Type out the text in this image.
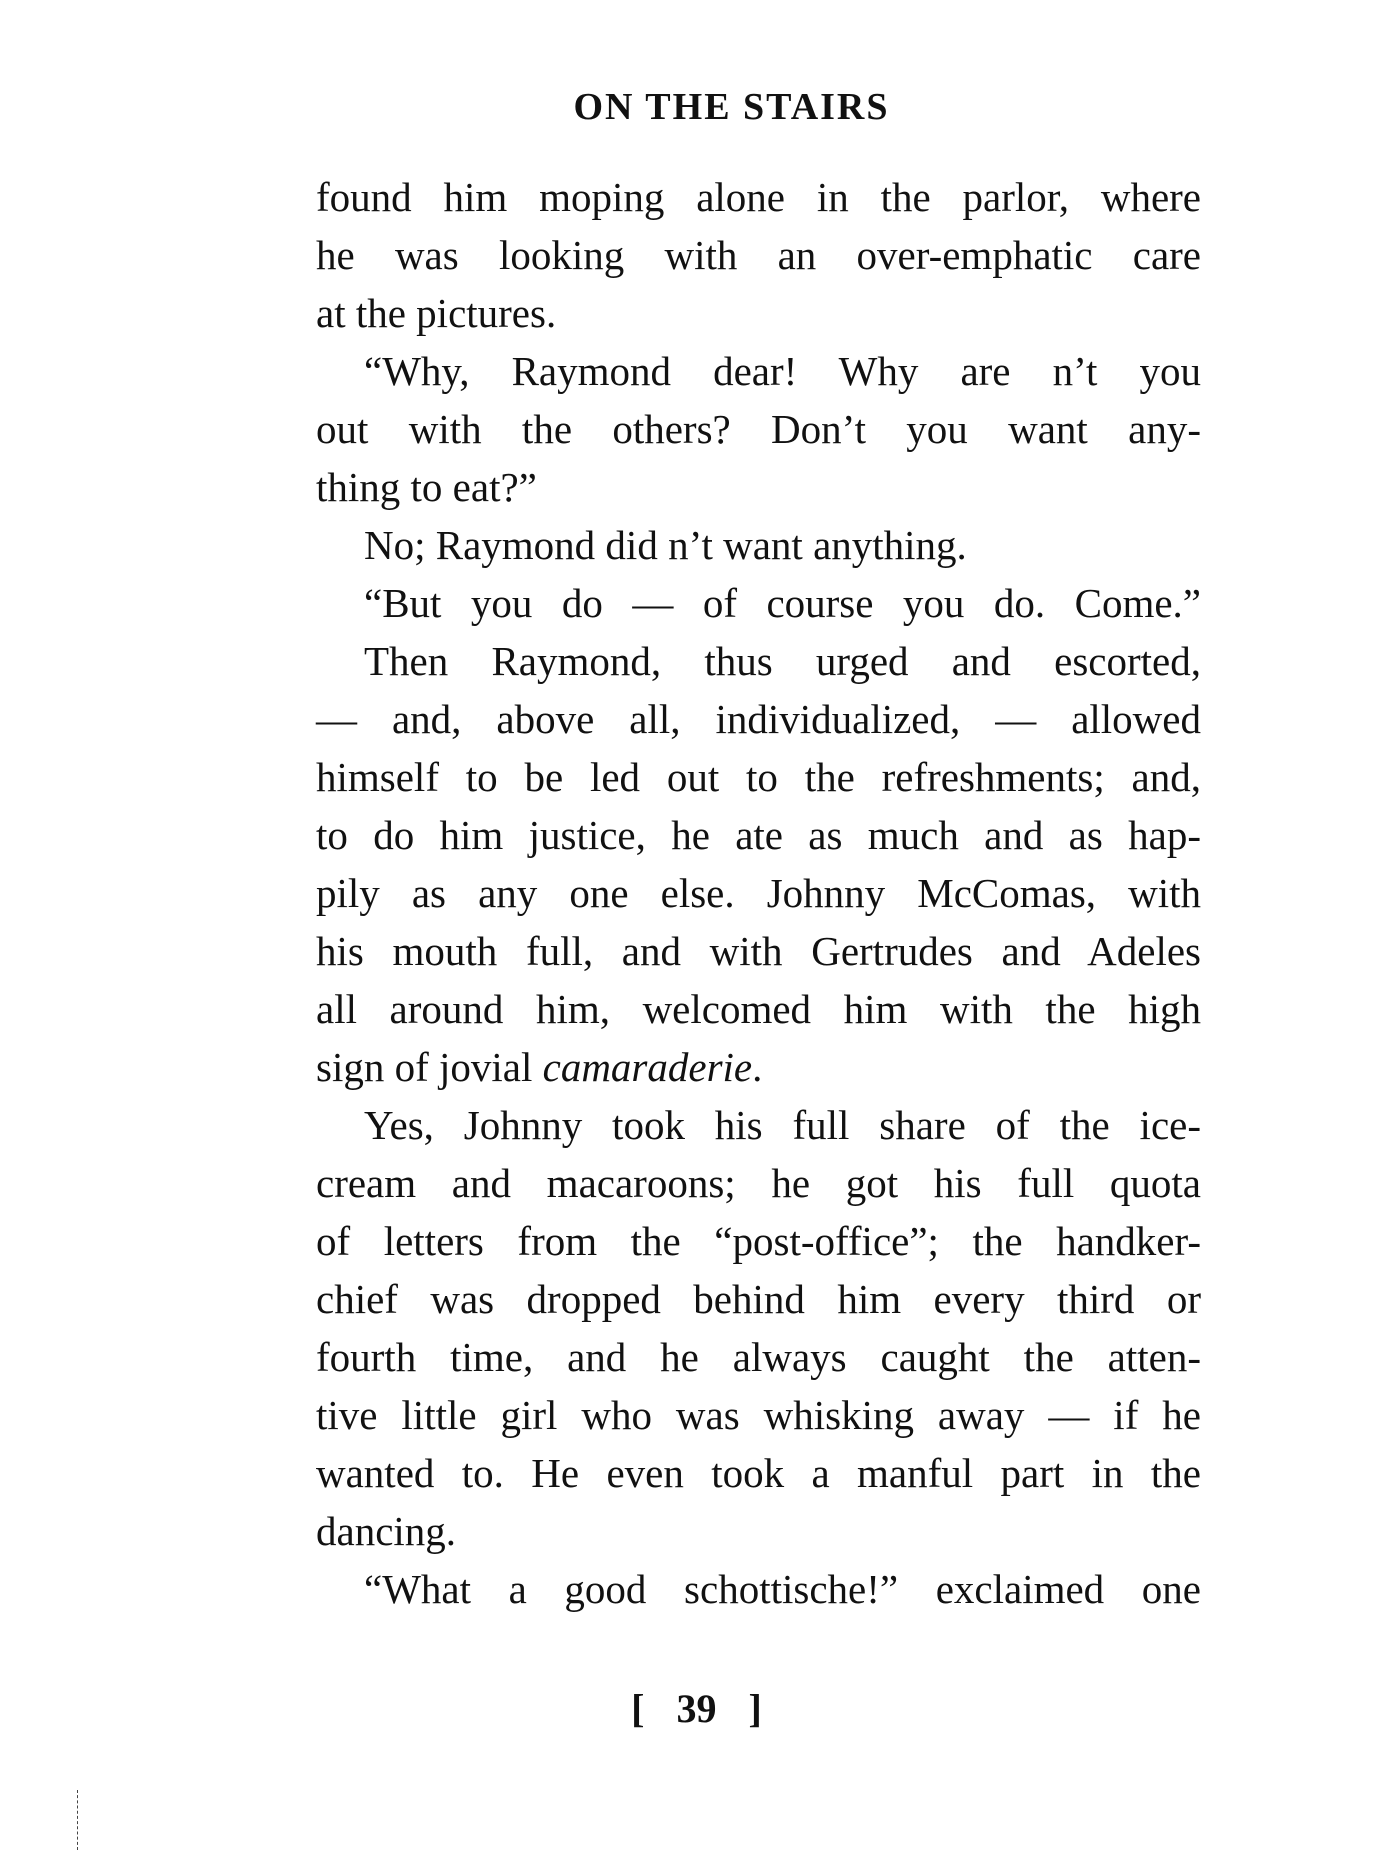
ON THE STAIRS
found him moping alone in the parlor, where
he was looking with an over-emphatic care
at the pictures.
“Why, Raymond dear! Why are n’t you
out with the others? Don’t you want any-
thing to eat?”
No; Raymond did n’t want anything.
“But you do — of course you do. Come.”
Then Raymond, thus urged and escorted,
— and, above all, individualized, — allowed
himself to be led out to the refreshments; and,
to do him justice, he ate as much and as hap-
pily as any one else. Johnny McComas, with
his mouth full, and with Gertrudes and Adeles
all around him, welcomed him with the high
sign of jovial camaraderie.
Yes, Johnny took his full share of the ice-
cream and macaroons; he got his full quota
of letters from the “post-office”; the handker-
chief was dropped behind him every third or
fourth time, and he always caught the atten-
tive little girl who was whisking away — if he
wanted to. He even took a manful part in the
dancing.
“What a good schottische!” exclaimed one
[ 39 ]
